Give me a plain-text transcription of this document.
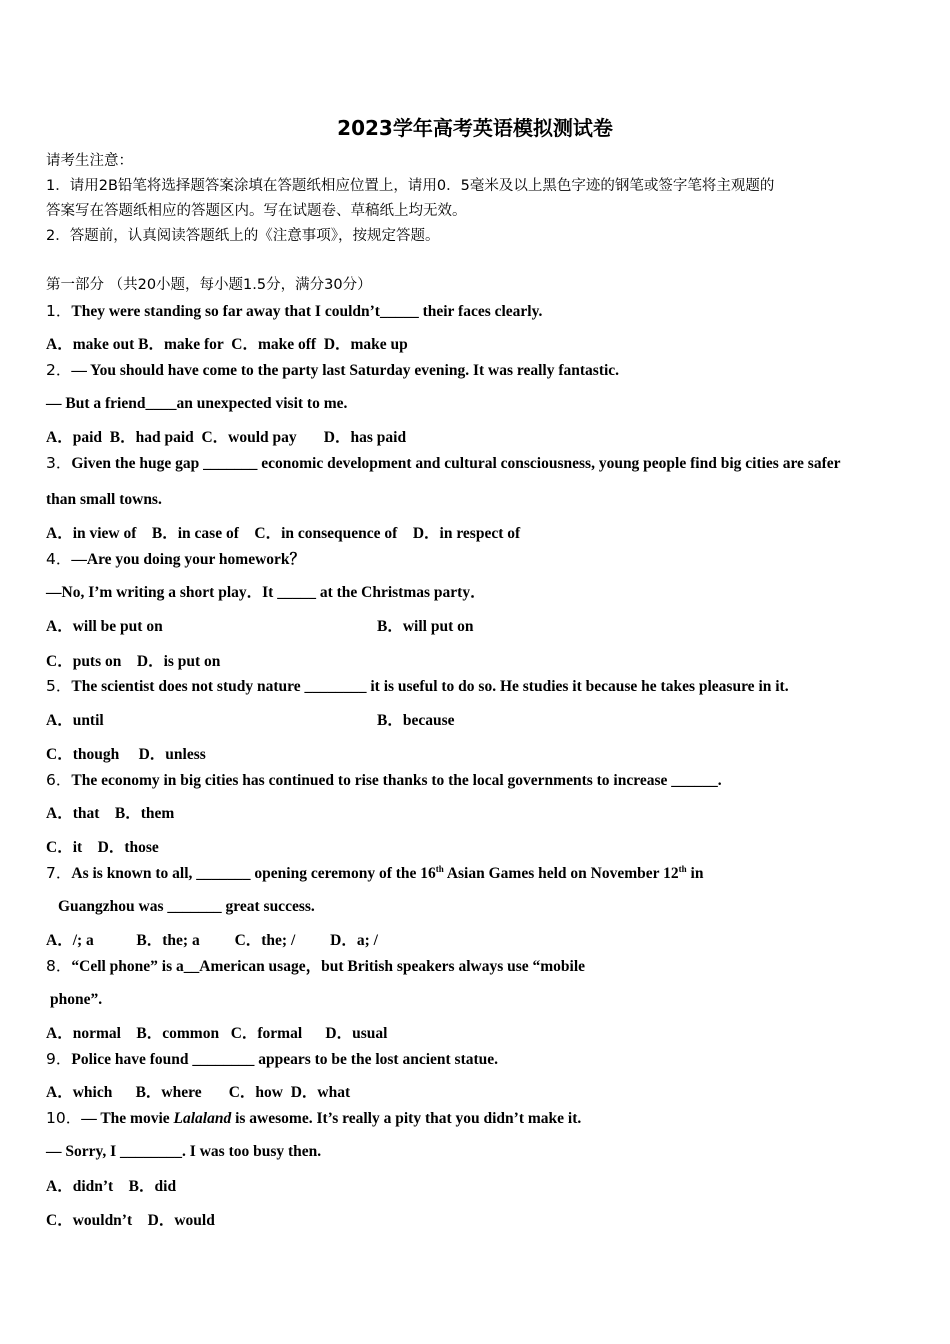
2023学年高考英语模拟测试卷
请考生注意：
1．请用2B铅笔将选择题答案涂填在答题纸相应位置上，请用0．5毫米及以上黑色字迹的钢笔或签字笔将主观题的
答案写在答题纸相应的答题区内。写在试题卷、草稿纸上均无效。
2．答题前，认真阅读答题纸上的《注意事项》，按规定答题。
第一部分 （共20小题，每小题1.5分，满分30分）
1．They were standing so far away that I couldn’t_____ their faces clearly.
A．make out B．make for  C．make off  D．make up
2．— You should have come to the party last Saturday evening. It was really fantastic.
— But a friend____an unexpected visit to me.
A．paid  B．had paid  C．would pay       D．has paid
3．Given the huge gap _______ economic development and cultural consciousness, young people find big cities are safer
than small towns.
A．in view of    B．in case of    C．in consequence of    D．in respect of
4．—Are you doing your homework？
—No, I’m writing a short play．It _____ at the Christmas party．
A．will be put on	B．will put on
C．puts on    D．is put on
5．The scientist does not study nature ________ it is useful to do so. He studies it because he takes pleasure in it.
A．until	B．because
C．though     D．unless
6．The economy in big cities has continued to rise thanks to the local governments to increase ______.
A．that    B．them
C．it    D．those
7．As is known to all, _______ opening ceremony of the 16th Asian Games held on November 12th in
Guangzhou was _______ great success.
A．/; a           B．the; a         C．the; /         D．a; /
8．“Cell phone” is a__American usage，but British speakers always use “mobile
phone”.
A．normal    B．common   C．formal      D．usual
9．Police have found ________ appears to be the lost ancient statue.
A．which      B．where       C．how  D．what
10．— The movie Lalaland is awesome. It’s really a pity that you didn’t make it.
— Sorry, I ________. I was too busy then.
A．didn’t    B．did
C．wouldn’t    D．would
